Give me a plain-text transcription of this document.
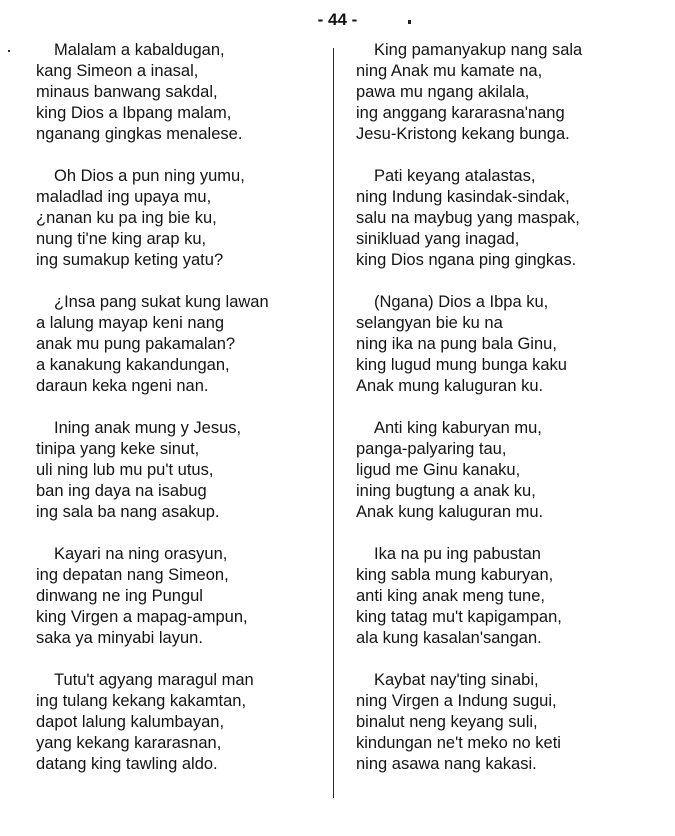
- 44 -
Malalam a kabaldugan,
kang Simeon a inasal,
minaus banwang sakdal,
king Dios a Ibpang malam,
nganang gingkas menalese.
Oh Dios a pun ning yumu,
maladlad ing upaya mu,
¿nanan ku pa ing bie ku,
nung ti'ne king arap ku,
ing sumakup keting yatu?
¿Insa pang sukat kung lawan
a lalung mayap keni nang
anak mu pung pakamalan?
a kanakung kakandungan,
daraun keka ngeni nan.
Ining anak mung y Jesus,
tinipa yang keke sinut,
uli ning lub mu pu't utus,
ban ing daya na isabug
ing sala ba nang asakup.
Kayari na ning orasyun,
ing depatan nang Simeon,
dinwang ne ing Pungul
king Virgen a mapag-ampun,
saka ya minyabi layun.
Tutu't agyang maragul man
ing tulang kekang kakamtan,
dapot lalung kalumbayan,
yang kekang kararasnan,
datang king tawling aldo.
King pamanyakup nang sala
ning Anak mu kamate na,
pawa mu ngang akilala,
ing anggang kararasna'nang
Jesu-Kristong kekang bunga.
Pati keyang atalastas,
ning Indung kasindak-sindak,
salu na maybug yang maspak,
sinikluad yang inagad,
king Dios ngana ping gingkas.
(Ngana) Dios a Ibpa ku,
selangyan bie ku na
ning ika na pung bala Ginu,
king lugud mung bunga kaku
Anak mung kaluguran ku.
Anti king kaburyan mu,
panga-palyaring tau,
ligud me Ginu kanaku,
ining bugtung a anak ku,
Anak kung kaluguran mu.
Ika na pu ing pabustan
king sabla mung kaburyan,
anti king anak meng tune,
king tatag mu't kapigampan,
ala kung kasalan'sangan.
Kaybat nay'ting sinabi,
ning Virgen a Indung sugui,
binalut neng keyang suli,
kindungan ne't meko no keti
ning asawa nang kakasi.
